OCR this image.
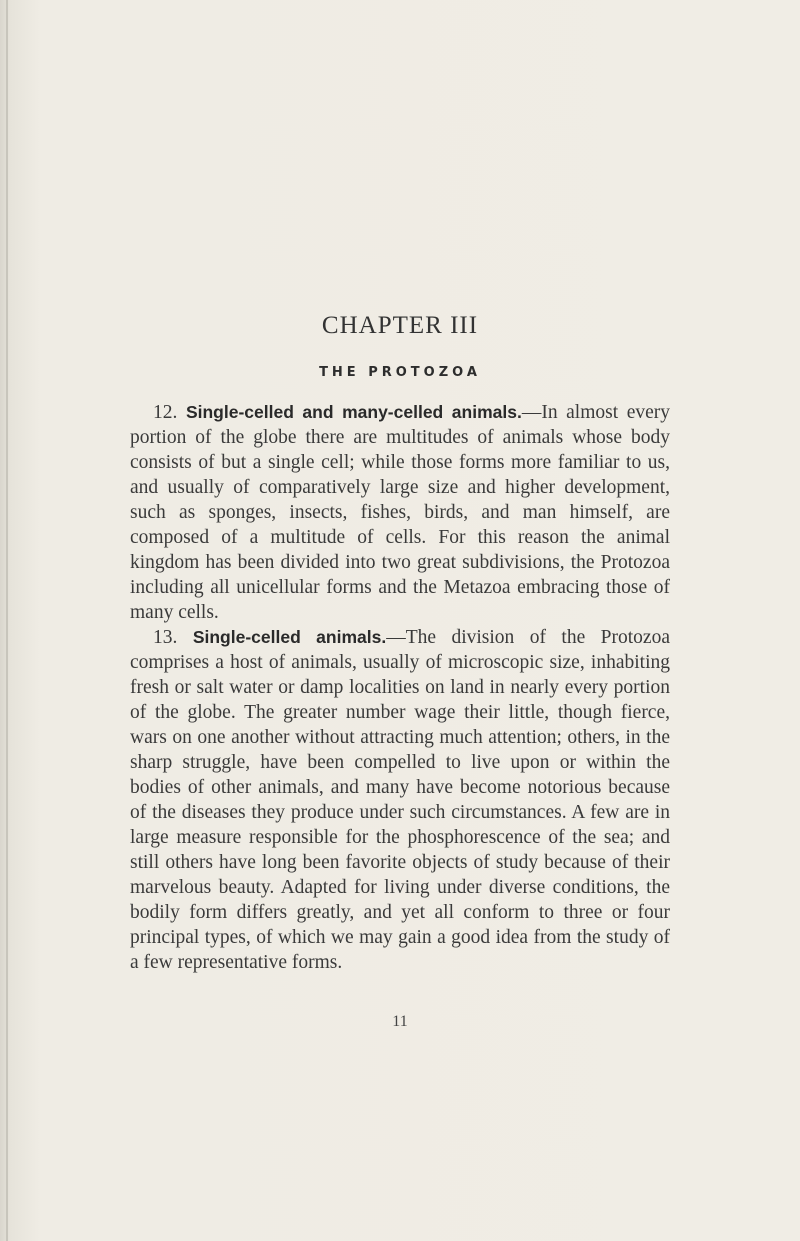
CHAPTER III
THE PROTOZOA

12. Single-celled and many-celled animals.—In almost every portion of the globe there are multitudes of animals whose body consists of but a single cell; while those forms more familiar to us, and usually of comparatively large size and higher development, such as sponges, insects, fishes, birds, and man himself, are composed of a multitude of cells. For this reason the animal kingdom has been divided into two great subdivisions, the Protozoa including all unicellular forms and the Metazoa embracing those of many cells.

13. Single-celled animals.—The division of the Protozoa comprises a host of animals, usually of microscopic size, inhabiting fresh or salt water or damp localities on land in nearly every portion of the globe. The greater number wage their little, though fierce, wars on one another without attracting much attention; others, in the sharp struggle, have been compelled to live upon or within the bodies of other animals, and many have become notorious because of the diseases they produce under such circumstances. A few are in large measure responsible for the phosphorescence of the sea; and still others have long been favorite objects of study because of their marvelous beauty. Adapted for living under diverse conditions, the bodily form differs greatly, and yet all conform to three or four principal types, of which we may gain a good idea from the study of a few representative forms.

11
